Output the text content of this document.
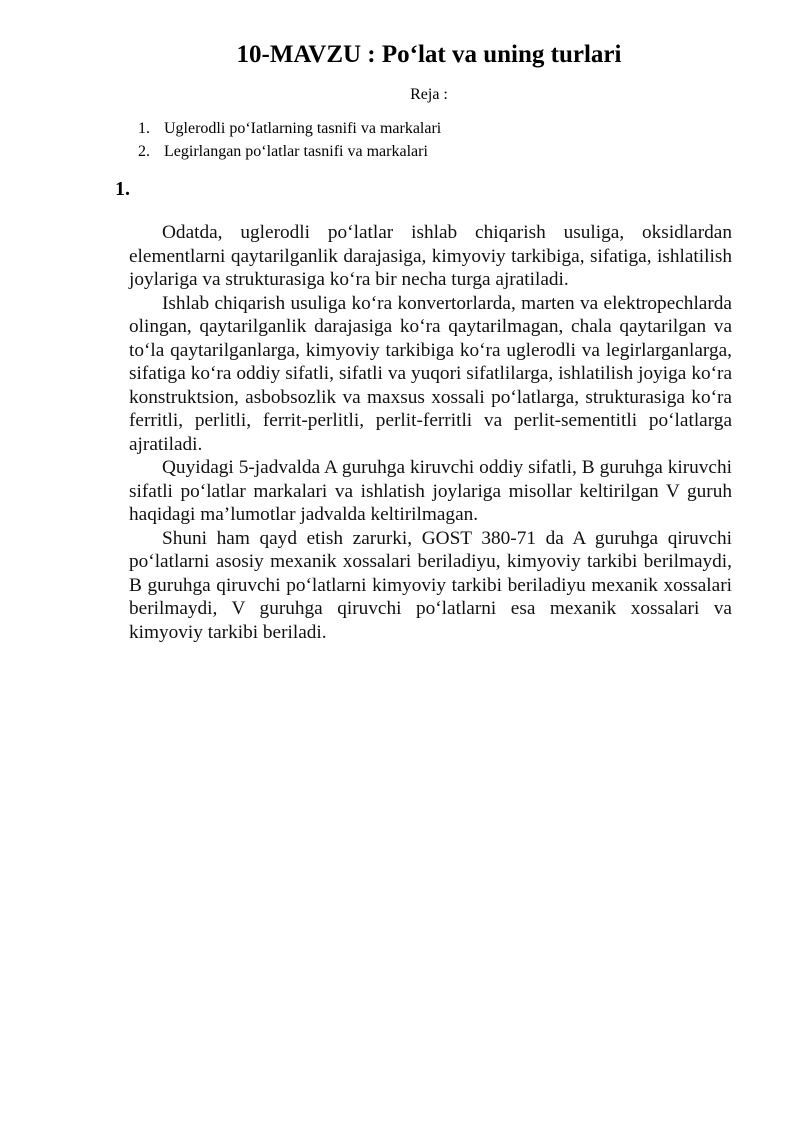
10-MAVZU : Po‘lat va uning turlari
Reja :
1. Uglerodli po‘Iatlarning tasnifi va markalari
2. Legirlangan po‘latlar tasnifi va markalari
1.

Odatda, uglerodli po‘latlar ishlab chiqarish usuliga, oksidlardan elementlarni qaytarilganlik darajasiga, kimyoviy tarkibiga, sifatiga, ishlatilish joylariga va strukturasiga ko‘ra bir necha turga ajratiladi.

Ishlab chiqarish usuliga ko‘ra konvertorlarda, marten va elektropechlarda olingan, qaytarilganlik darajasiga ko‘ra qaytarilmagan, chala qaytarilgan va to‘la qaytarilganlarga, kimyoviy tarkibiga ko‘ra uglerodli va legirlarganlarga, sifatiga ko‘ra oddiy sifatli, sifatli va yuqori sifatlilarga, ishlatilish joyiga ko‘ra konstruktsion, asbobsozlik va maxsus xossali po‘latlarga, strukturasiga ko‘ra ferritli, perlitli, ferrit-perlitli, perlit-ferritli va perlit-sementitli po‘latlarga ajratiladi.

Quyidagi 5-jadvalda A guruhga kiruvchi oddiy sifatli, B guruhga kiruvchi sifatli po‘latlar markalari va ishlatish joylariga misollar keltirilgan V guruh haqidagi ma’lumotlar jadvalda keltirilmagan.

Shuni ham qayd etish zarurki, GOST 380-71 da A guruhga qiruvchi po‘latlarni asosiy mexanik xossalari beriladiyu, kimyoviy tarkibi berilmaydi, B guruhga qiruvchi po‘latlarni kimyoviy tarkibi beriladiyu mexanik xossalari berilmaydi, V guruhga qiruvchi po‘latlarni esa mexanik xossalari va kimyoviy tarkibi beriladi.
